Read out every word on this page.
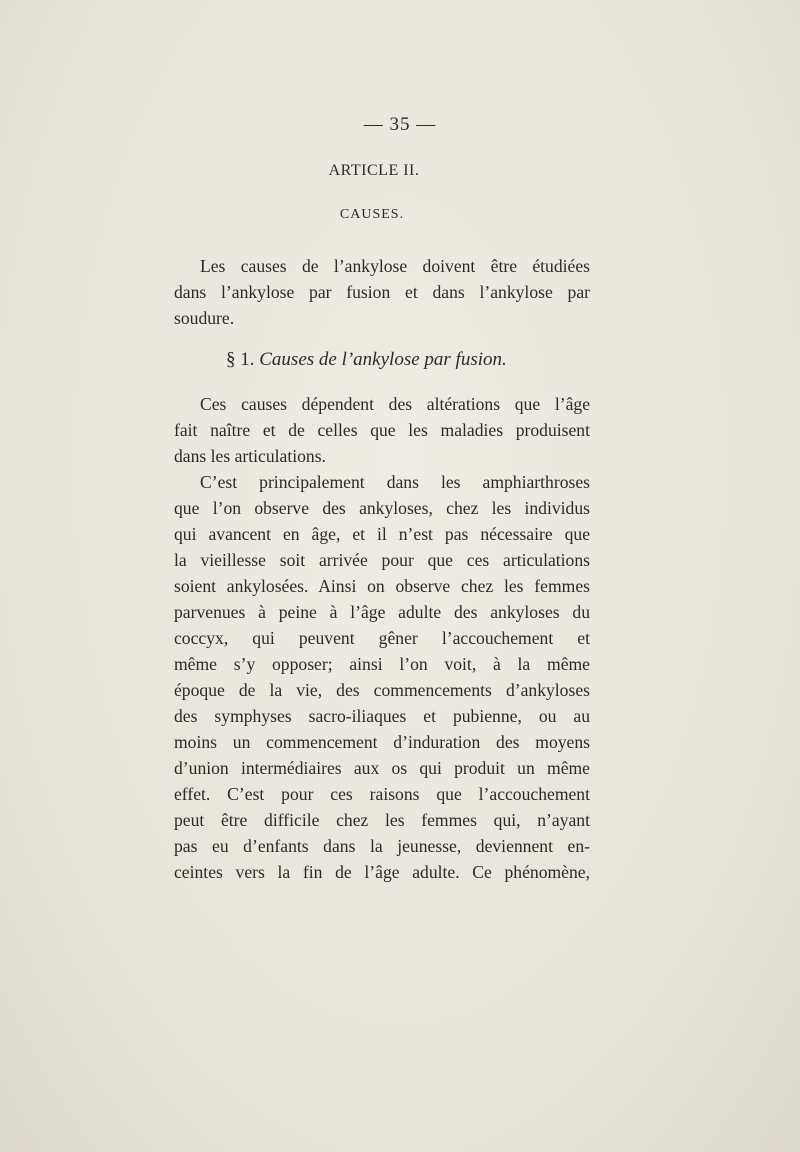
— 35 —
ARTICLE II.
CAUSES.
Les causes de l’ankylose doivent être étudiées
dans l’ankylose par fusion et dans l’ankylose par
soudure.
§ 1. Causes de l’ankylose par fusion.
Ces causes dépendent des altérations que l’âge
fait naître et de celles que les maladies produisent
dans les articulations.
C’est principalement dans les amphiarthroses
que l’on observe des ankyloses, chez les individus
qui avancent en âge, et il n’est pas nécessaire que
la vieillesse soit arrivée pour que ces articulations
soient ankylosées. Ainsi on observe chez les femmes
parvenues à peine à l’âge adulte des ankyloses du
coccyx, qui peuvent gêner l’accouchement et
même s’y opposer; ainsi l’on voit, à la même
époque de la vie, des commencements d’ankyloses
des symphyses sacro-iliaques et pubienne, ou au
moins un commencement d’induration des moyens
d’union intermédiaires aux os qui produit un même
effet. C’est pour ces raisons que l’accouchement
peut être difficile chez les femmes qui, n’ayant
pas eu d’enfants dans la jeunesse, deviennent en-
ceintes vers la fin de l’âge adulte. Ce phénomène,
